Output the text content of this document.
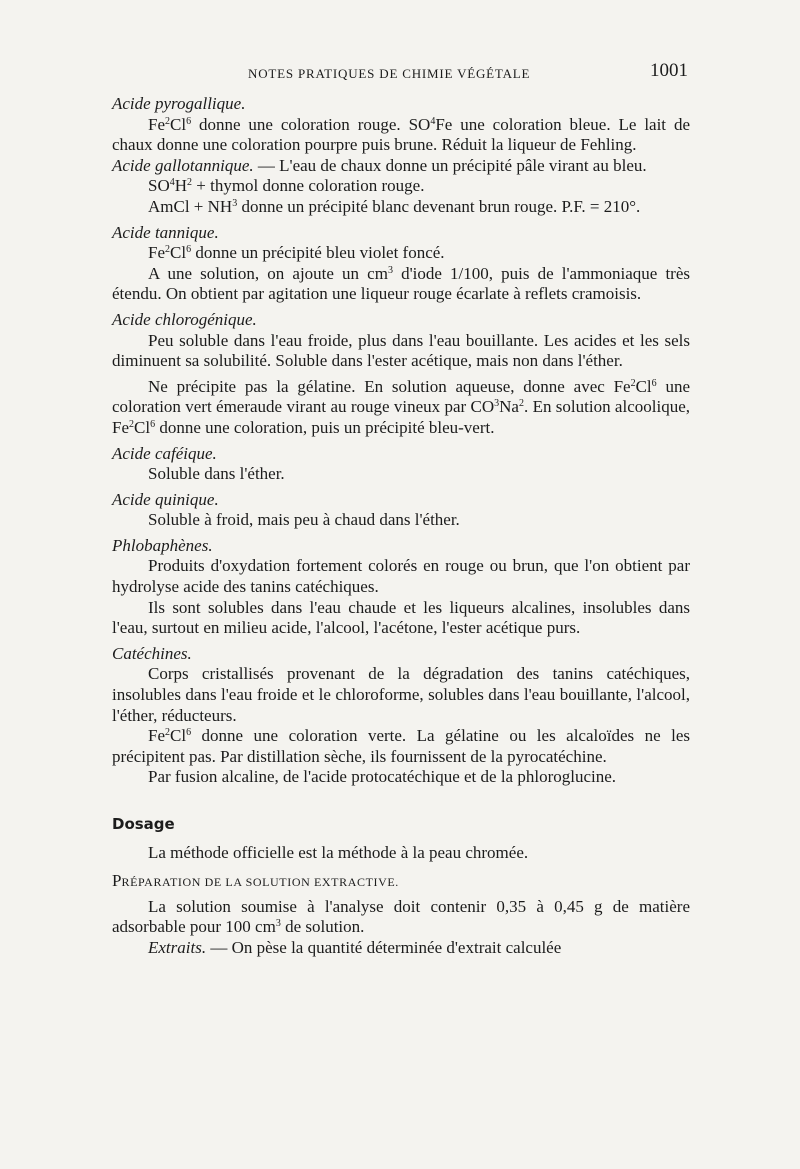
NOTES PRATIQUES DE CHIMIE VÉGÉTALE	1001

Acide pyrogallique.

Fe$^2$Cl$^6$ donne une coloration rouge. $SO^4Fe$ une coloration bleue. Le lait de chaux donne une coloration pourpre puis brune. Réduit la liqueur de Fehling.

Acide gallotannique. — L'eau de chaux donne un précipité pâle virant au bleu.

$SO^4H^2$ + thymol donne coloration rouge.

AmCl + $NH^3$ donne un précipité blanc devenant brun rouge. P.F. = 210°.

Acide tannique.

Fe$^2$Cl$^6$ donne un précipité bleu violet foncé.

A une solution, on ajoute un $cm^3$ d'iode 1/100, puis de l'ammoniaque très étendu. On obtient par agitation une liqueur rouge écarlate à reflets cramoisis.

Acide chlorogénique.

Peu soluble dans l'eau froide, plus dans l'eau bouillante. Les acides et les sels diminuent sa solubilité. Soluble dans l'ester acétique, mais non dans l'éther.

Ne précipite pas la gélatine. En solution aqueuse, donne avec Fe$^2$Cl$^6$ une coloration vert émeraude virant au rouge vineux par $CO^3Na^2$. En solution alcoolique, Fe$^2$Cl$^6$ donne une coloration, puis un précipité bleu-vert.

Acide caféique.

Soluble dans l'éther.

Acide quinique.

Soluble à froid, mais peu à chaud dans l'éther.

Phlobaphènes.

Produits d'oxydation fortement colorés en rouge ou brun, que l'on obtient par hydrolyse acide des tanins catéchiques.

Ils sont solubles dans l'eau chaude et les liqueurs alcalines, insolubles dans l'eau, surtout en milieu acide, l'alcool, l'acétone, l'ester acétique purs.

Catéchines.

Corps cristallisés provenant de la dégradation des tanins catéchiques, insolubles dans l'eau froide et le chloroforme, solubles dans l'eau bouillante, l'alcool, l'éther, réducteurs.

Fe$^2$Cl$^6$ donne une coloration verte. La gélatine ou les alcaloïdes ne les précipitent pas. Par distillation sèche, ils fournissent de la pyrocatéchine.

Par fusion alcaline, de l'acide protocatéchique et de la phloroglucine.

Dosage

La méthode officielle est la méthode à la peau chromée.

PRÉPARATION DE LA SOLUTION EXTRACTIVE.

La solution soumise à l'analyse doit contenir 0,35 à 0,45 g de matière adsorbable pour 100 $cm^3$ de solution.

Extraits. — On pèse la quantité déterminée d'extrait calculée
